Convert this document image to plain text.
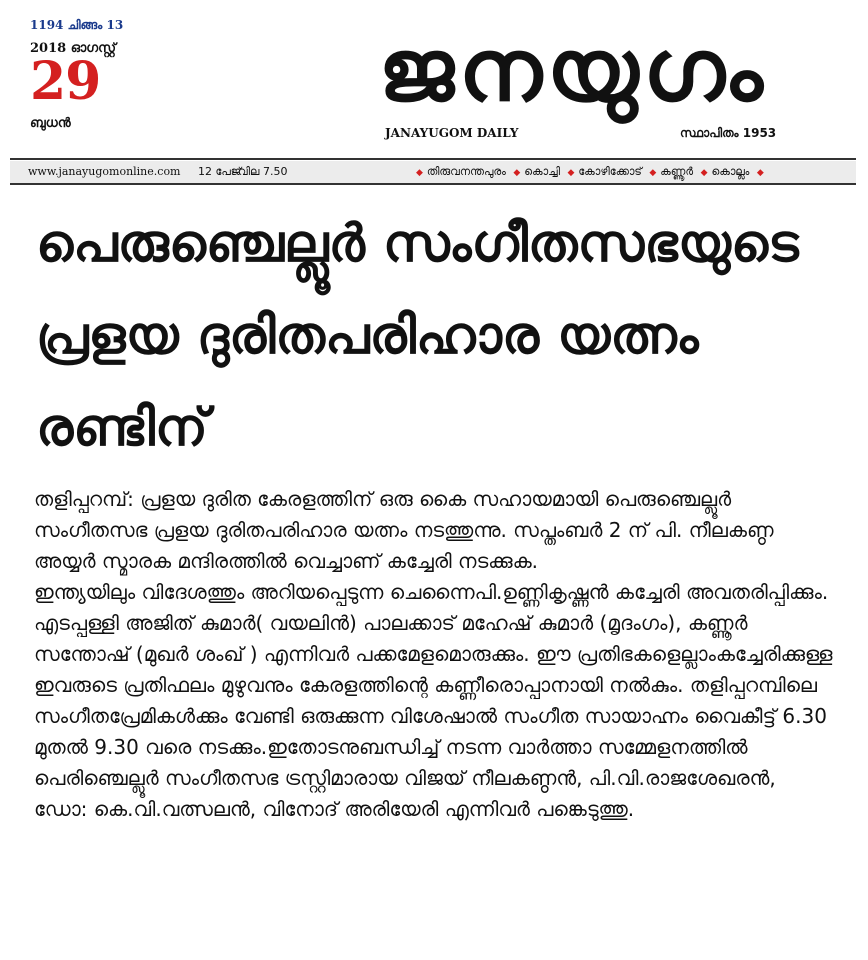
1194 ചിങ്ങം 13
2018 ഓഗസ്റ്റ്
29
ബുധൻ
ജനയുഗം
JANAYUGOM DAILY	സ്ഥാപിതം 1953
www.janayugomonline.com 12 പേജ്
വില 7.50	◆ തിരുവനന്തപുരം ◆ കൊച്ചി ◆ കോഴിക്കോട് ◆ കണ്ണൂർ ◆ കൊല്ലം ◆
പെരുഞ്ചെല്ലൂർ സംഗീതസഭയുടെ
പ്രളയ ദുരിതപരിഹാര യത്നം
രണ്ടിന്

തളിപ്പറമ്പ്: പ്രളയ ദുരിത കേരളത്തിന് ഒരു കൈ സഹായമായി പെരുഞ്ചെല്ലൂർ സംഗീതസഭ പ്രളയ ദുരിതപരിഹാര യത്നം നടത്തുന്നു. സപ്തംബർ 2 ന് പി. നീലകണ്ഠ അയ്യർ സ്മാരക മന്ദിരത്തിൽ വെച്ചാണ് കച്ചേരി നടക്കുക.

ഇന്ത്യയിലും വിദേശത്തും അറിയപ്പെടുന്ന ചെന്നൈപി.ഉണ്ണികൃഷ്ണൻ കച്ചേരി അവതരിപ്പിക്കും. എടപ്പള്ളി അജിത് കുമാർ( വയലിൻ) പാലക്കാട് മഹേഷ് കുമാർ (മൃദംഗം), കണ്ണൂർ സന്തോഷ് (മുഖർ ശംഖ് ) എന്നിവർ പക്കമേളമൊരുക്കും. ഈ പ്രതിഭകളെല്ലാംകച്ചേരിക്കുള്ള ഇവരുടെ പ്രതിഫലം മുഴുവനും കേരളത്തിന്റെ കണ്ണീരൊപ്പാനായി നൽകും. തളിപ്പറമ്പിലെ സംഗീതപ്രേമികൾക്കും വേണ്ടി ഒരുക്കുന്ന വിശേഷാൽ സംഗീത സായാഹ്നം വൈകീട്ട് 6.30 മുതൽ 9.30 വരെ നടക്കും.ഇതോടനുബന്ധിച്ച് നടന്ന വാർത്താ സമ്മേളനത്തിൽ പെരിഞ്ചെല്ലൂർ സംഗീതസഭ ട്രസ്റ്റിമാരായ വിജയ് നീലകണ്ഠൻ, പി.വി.രാജശേഖരൻ, ഡോ: കെ.വി.വത്സലൻ, വിനോദ് അരിയേരി എന്നിവർ പങ്കെടുത്തു.
